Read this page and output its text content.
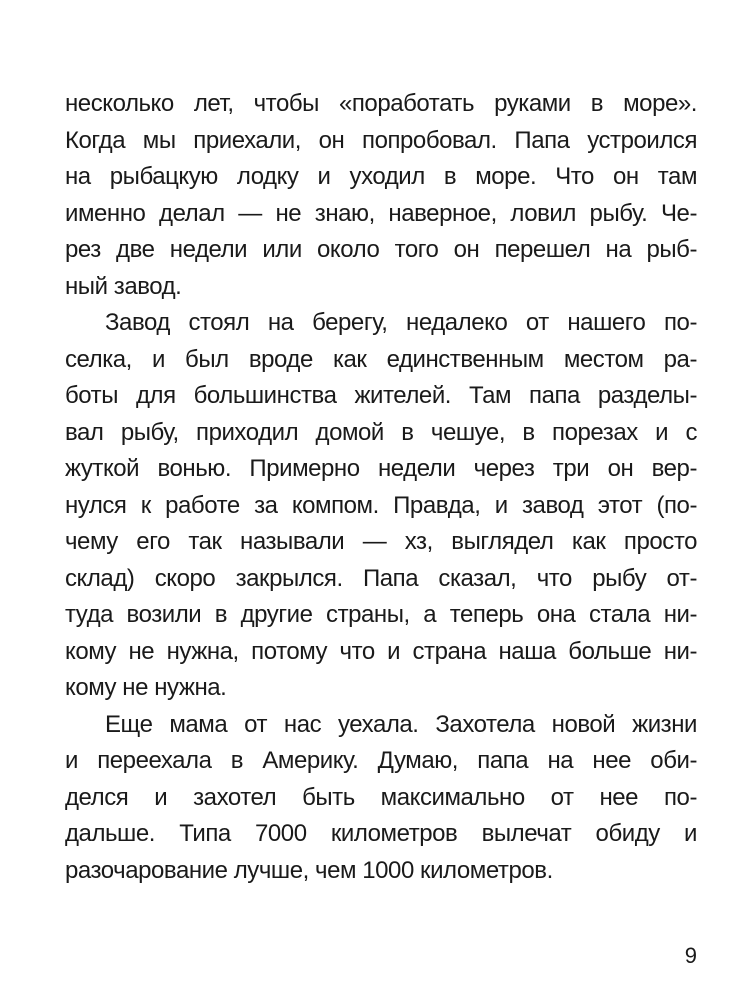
несколько лет, чтобы «поработать руками в море».
Когда мы приехали, он попробовал. Папа устроился
на рыбацкую лодку и уходил в море. Что он там
именно делал — не знаю, наверное, ловил рыбу. Че-
рез две недели или около того он перешел на рыб-
ный завод.
Завод стоял на берегу, недалеко от нашего по-
селка, и был вроде как единственным местом ра-
боты для большинства жителей. Там папа разделы-
вал рыбу, приходил домой в чешуе, в порезах и с
жуткой вонью. Примерно недели через три он вер-
нулся к работе за компом. Правда, и завод этот (по-
чему его так называли — хз, выглядел как просто
склад) скоро закрылся. Папа сказал, что рыбу от-
туда возили в другие страны, а теперь она стала ни-
кому не нужна, потому что и страна наша больше ни-
кому не нужна.
Еще мама от нас уехала. Захотела новой жизни
и переехала в Америку. Думаю, папа на нее оби-
делся и захотел быть максимально от нее по-
дальше. Типа 7000 километров вылечат обиду и
разочарование лучше, чем 1000 километров.
9
